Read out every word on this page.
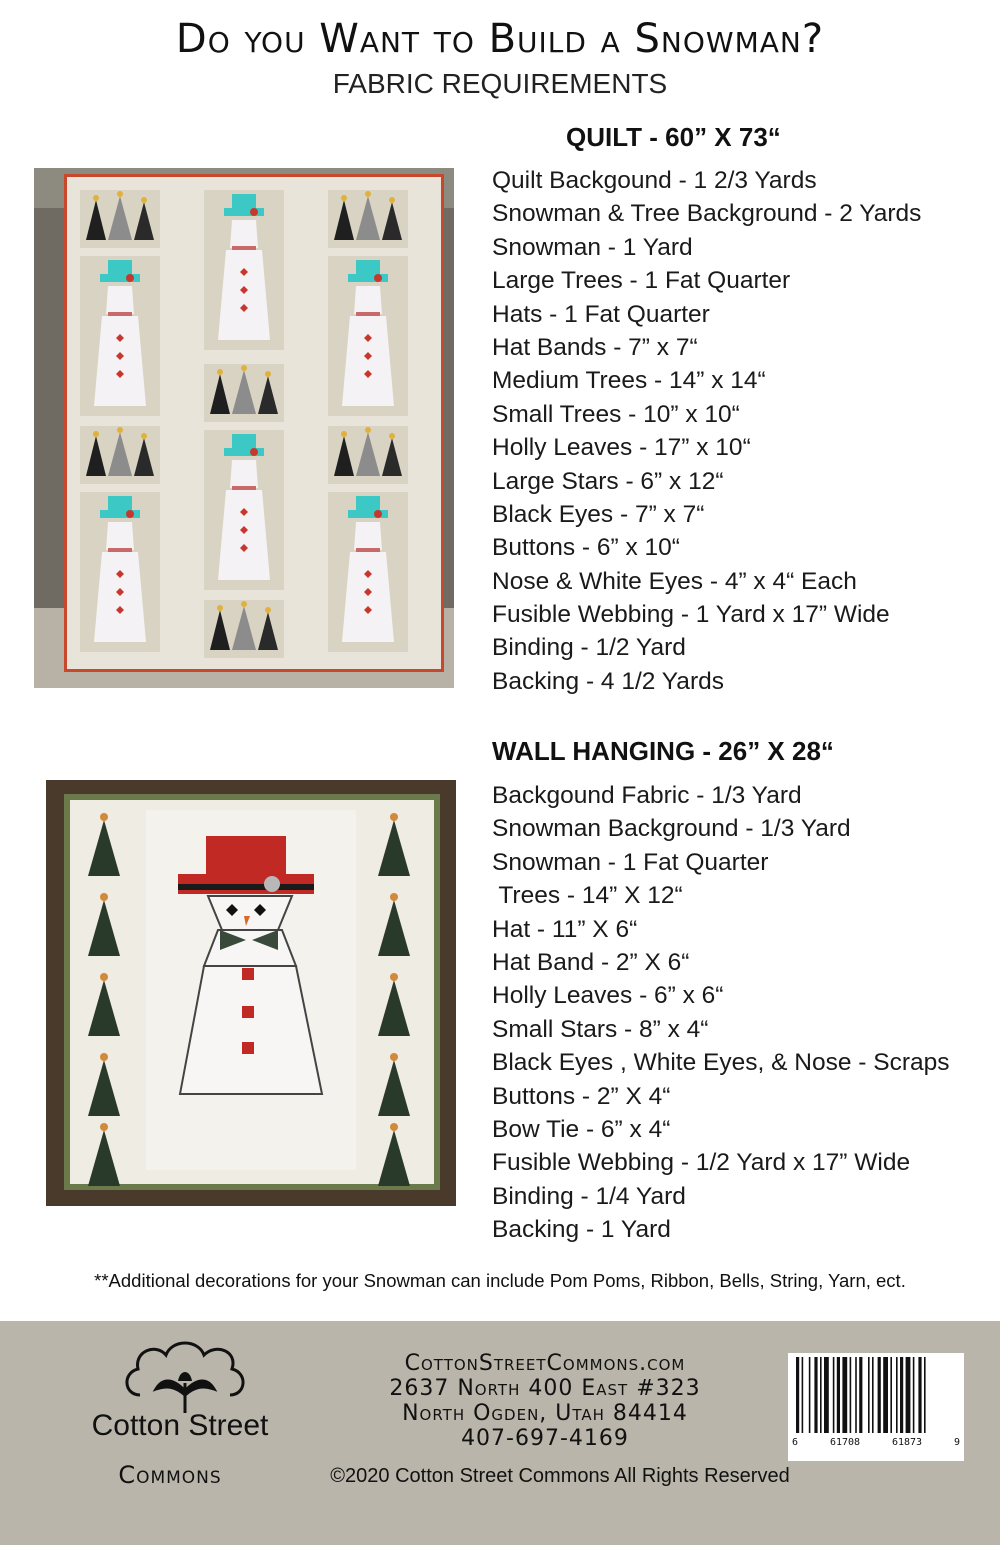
Do you Want to Build a Snowman?
FABRIC REQUIREMENTS
QUILT - 60” X 73“
Quilt Backgound - 1 2/3 Yards
Snowman & Tree Background - 2 Yards
Snowman - 1 Yard
Large Trees - 1 Fat Quarter
Hats - 1 Fat Quarter
Hat Bands - 7” x 7“
Medium Trees - 14” x 14“
Small Trees - 10” x 10“
Holly Leaves - 17” x 10“
Large Stars - 6” x 12“
Black Eyes - 7” x 7“
Buttons - 6” x 10“
Nose & White Eyes - 4” x 4“ Each
Fusible Webbing - 1 Yard x 17” Wide
Binding - 1/2 Yard
Backing - 4 1/2 Yards
WALL HANGING - 26” X 28“
Backgound Fabric - 1/3 Yard
Snowman Background - 1/3 Yard
Snowman - 1 Fat Quarter
Trees - 14” X 12“
Hat - 11” X 6“
Hat Band - 2” X 6“
Holly Leaves - 6” x 6“
Small Stars - 8” x 4“
Black Eyes , White Eyes, & Nose - Scraps
Buttons - 2” X 4“
Bow Tie - 6” x 4“
Fusible Webbing - 1/2 Yard x 17” Wide
Binding - 1/4 Yard
Backing - 1 Yard
**Additional decorations for your Snowman can include Pom Poms, Ribbon, Bells, String, Yarn, ect.
Cotton Street
Commons
CottonStreetCommons.com
2637 North 400 East #323
North Ogden, Utah 84414
407-697-4169
©2020 Cotton Street Commons All Rights Reserved
6	61708	61873	9
